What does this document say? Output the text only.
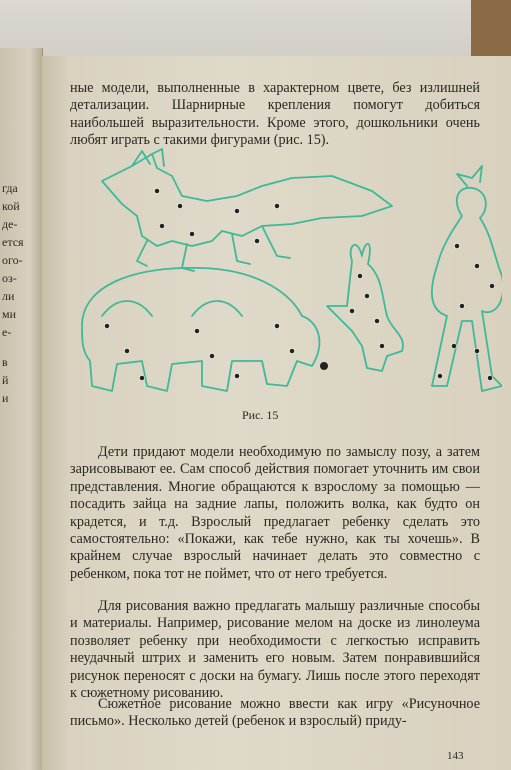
гда
кой
де-
ется
ого-
оз-
ли
ми
е-
в
й
и

ные модели, выполненные в характерном цвете, без излишней детализации. Шарнирные крепления помогут добиться наибольшей выразительности. Кроме этого, дошкольники очень любят играть с такими фигурами (рис. 15).

Рис. 15

Дети придают модели необходимую по замыслу позу, а затем зарисовывают ее. Сам способ действия помогает уточнить им свои представления. Многие обращаются к взрослому за помощью — посадить зайца на задние лапы, положить волка, как будто он крадется, и т.д. Взрослый предлагает ребенку сделать это самостоятельно: «Покажи, как тебе нужно, как ты хочешь». В крайнем случае взрослый начинает делать это совместно с ребенком, пока тот не поймет, что от него требуется.

Для рисования важно предлагать малышу различные способы и материалы. Например, рисование мелом на доске из линолеума позволяет ребенку при необходимости с легкостью исправить неудачный штрих и заменить его новым. Затем понравившийся рисунок переносят с доски на бумагу. Лишь после этого переходят к сюжетному рисованию.

Сюжетное рисование можно ввести как игру «Рисуночное письмо». Несколько детей (ребенок и взрослый) приду-

143
